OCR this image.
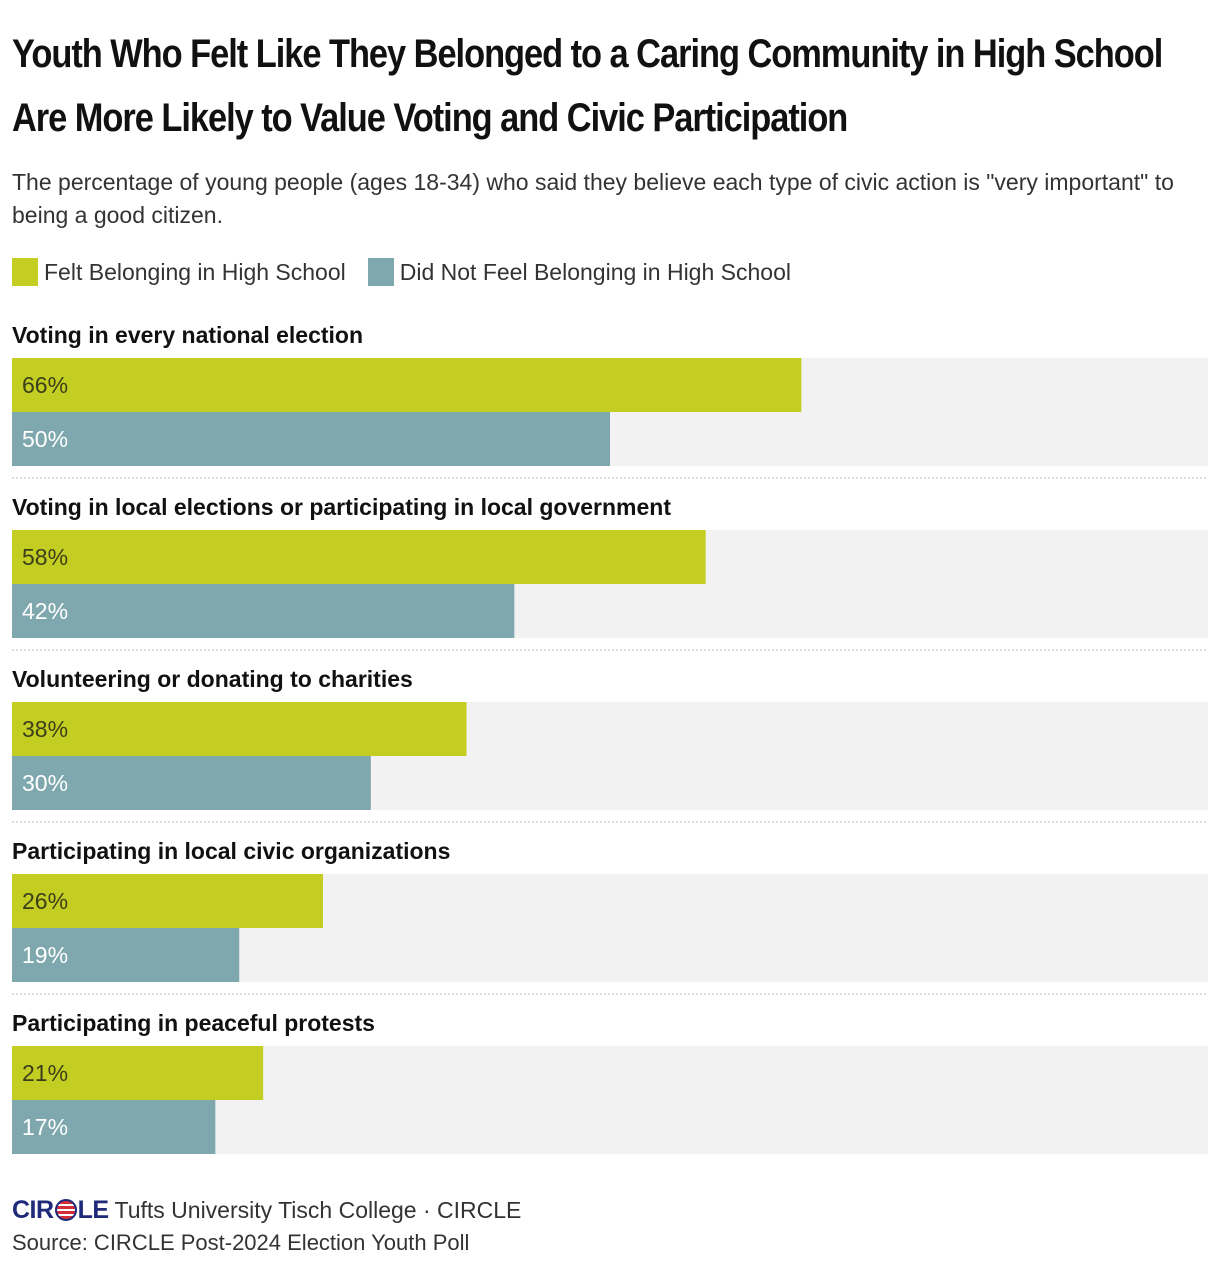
Youth Who Felt Like They Belonged to a Caring Community in High School Are More Likely to Value Voting and Civic Participation
The percentage of young people (ages 18-34) who said they believe each type of civic action is "very important" to being a good citizen.
Felt Belonging in High School Did Not Feel Belonging in High School
Voting in every national election
66%
50%
Voting in local elections or participating in local government
58%
42%
Volunteering or donating to charities
38%
30%
Participating in local civic organizations
26%
19%
Participating in peaceful protests
21%
17%
CIR LE Tufts University Tisch College · CIRCLE
Source: CIRCLE Post-2024 Election Youth Poll
